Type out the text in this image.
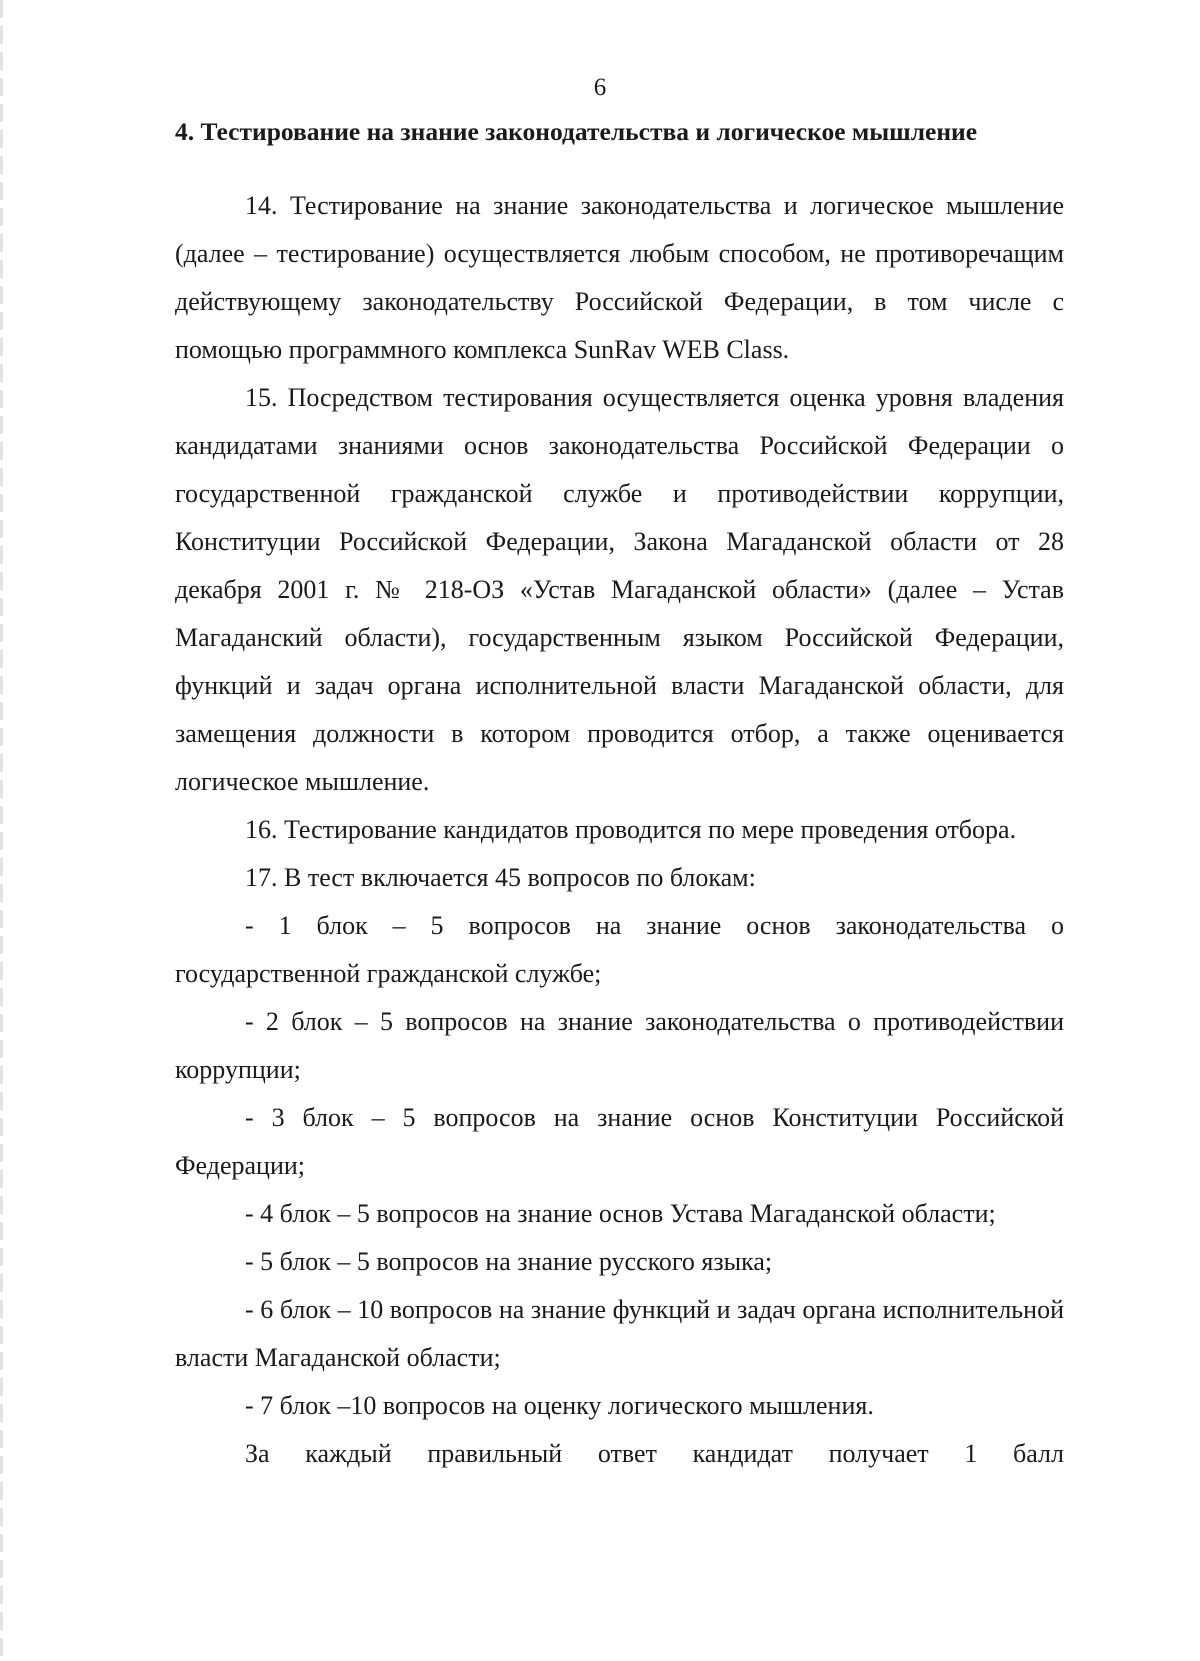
6
4. Тестирование на знание законодательства и логическое мышление

14. Тестирование на знание законодательства и логическое мышление (далее – тестирование) осуществляется любым способом, не противоречащим действующему законодательству Российской Федерации, в том числе с помощью программного комплекса SunRav WEB Class.

15. Посредством тестирования осуществляется оценка уровня владения кандидатами знаниями основ законодательства Российской Федерации о государственной гражданской службе и противодействии коррупции, Конституции Российской Федерации, Закона Магаданской области от 28 декабря 2001 г. № 218-ОЗ «Устав Магаданской области» (далее – Устав Магаданский области), государственным языком Российской Федерации, функций и задач органа исполнительной власти Магаданской области, для замещения должности в котором проводится отбор, а также оценивается логическое мышление.

16. Тестирование кандидатов проводится по мере проведения отбора.

17. В тест включается 45 вопросов по блокам:

- 1 блок – 5 вопросов на знание основ законодательства о государственной гражданской службе;

- 2 блок – 5 вопросов на знание законодательства о противодействии коррупции;

- 3 блок – 5 вопросов на знание основ Конституции Российской Федерации;

- 4 блок – 5 вопросов на знание основ Устава Магаданской области;

- 5 блок – 5 вопросов на знание русского языка;

- 6 блок – 10 вопросов на знание функций и задач органа исполнительной власти Магаданской области;

- 7 блок –10 вопросов на оценку логического мышления.

За каждый правильный ответ кандидат получает 1 балл
